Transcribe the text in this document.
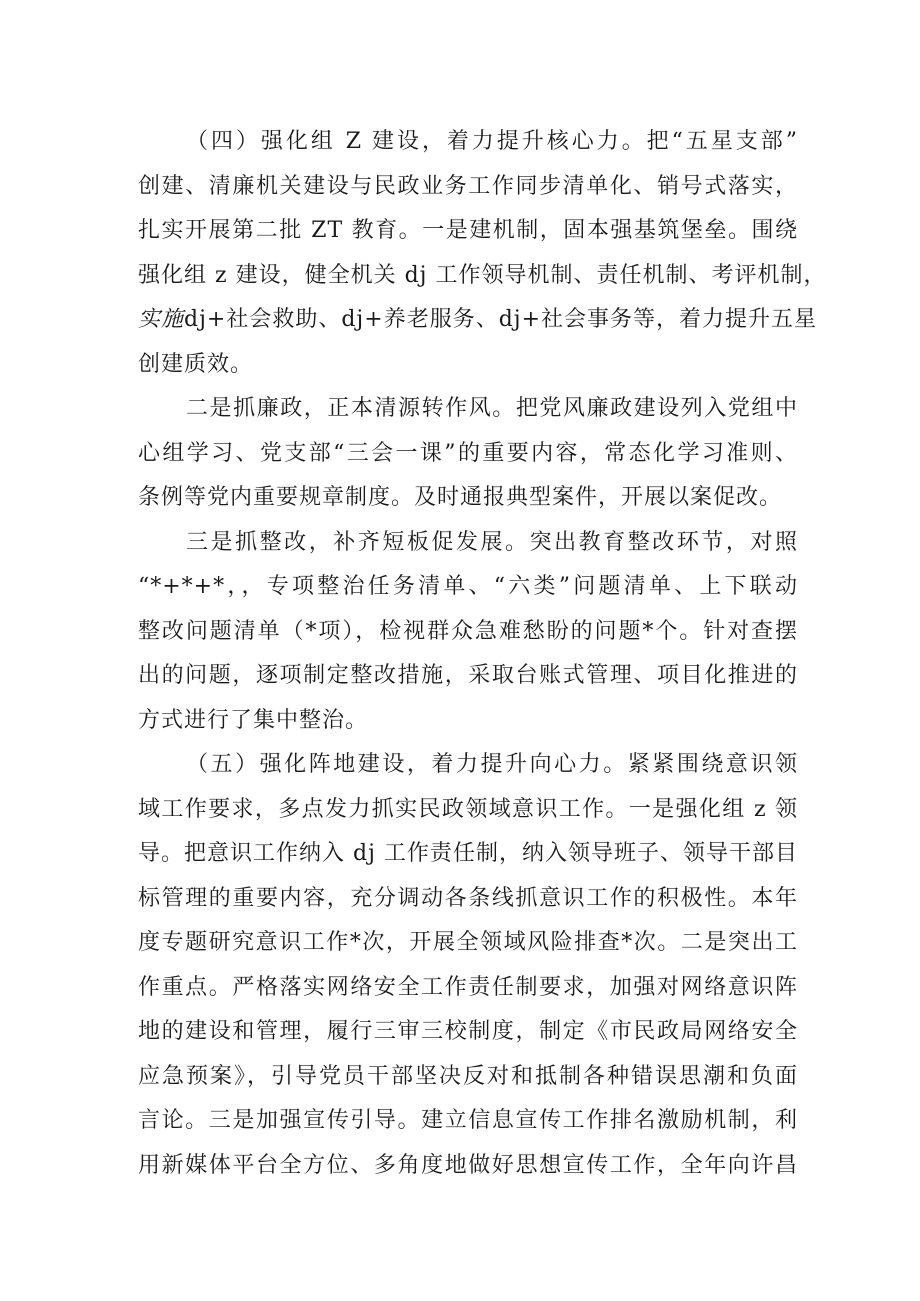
（四）强化组 Z 建设，着力提升核心力。把“五星支部”
创建、清廉机关建设与民政业务工作同步清单化、销号式落实，
扎实开展第二批 ZT 教育。一是建机制，固本强基筑堡垒。围绕
强化组 z 建设，健全机关 dj 工作领导机制、责任机制、考评机制，
实施dj+社会救助、dj+养老服务、dj+社会事务等，着力提升五星
创建质效。
二是抓廉政，正本清源转作风。把党风廉政建设列入党组中
心组学习、党支部“三会一课”的重要内容，常态化学习准则、
条例等党内重要规章制度。及时通报典型案件，开展以案促改。
三是抓整改，补齐短板促发展。突出教育整改环节，对照
“*+*+*，，专项整治任务清单、“六类”问题清单、上下联动
整改问题清单（*项），检视群众急难愁盼的问题*个。针对查摆
出的问题，逐项制定整改措施，采取台账式管理、项目化推进的
方式进行了集中整治。
（五）强化阵地建设，着力提升向心力。紧紧围绕意识领
域工作要求，多点发力抓实民政领域意识工作。一是强化组 z 领
导。把意识工作纳入 dj 工作责任制，纳入领导班子、领导干部目
标管理的重要内容，充分调动各条线抓意识工作的积极性。本年
度专题研究意识工作*次，开展全领域风险排查*次。二是突出工
作重点。严格落实网络安全工作责任制要求，加强对网络意识阵
地的建设和管理，履行三审三校制度，制定《市民政局网络安全
应急预案》，引导党员干部坚决反对和抵制各种错误思潮和负面
言论。三是加强宣传引导。建立信息宣传工作排名激励机制，利
用新媒体平台全方位、多角度地做好思想宣传工作，全年向许昌
